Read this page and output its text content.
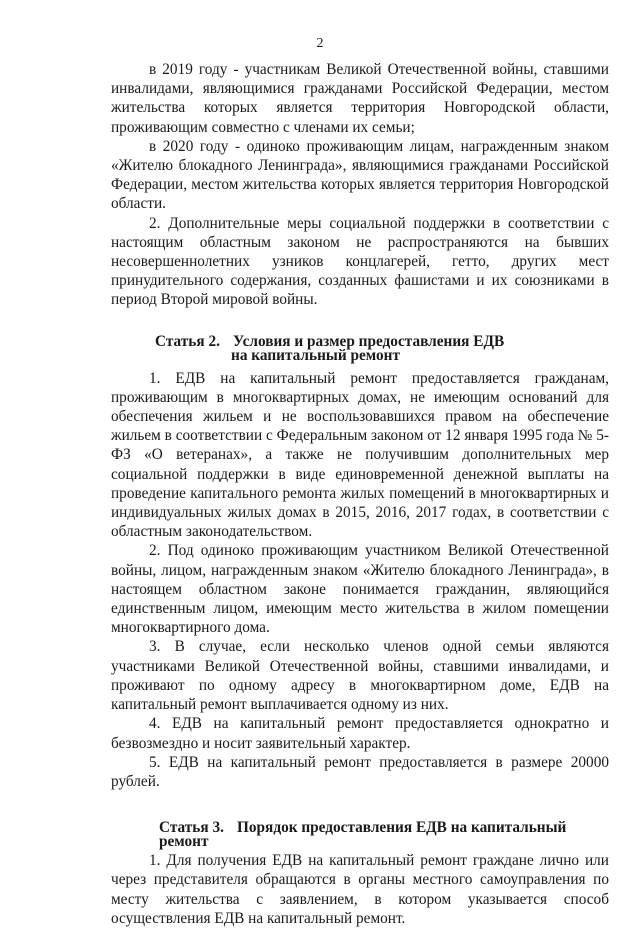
2

в 2019 году - участникам Великой Отечественной войны, ставшими инвалидами, являющимися гражданами Российской Федерации, местом жительства которых является территория Новгородской области, проживающим совместно с членами их семьи;

в 2020 году - одиноко проживающим лицам, награжденным знаком «Жителю блокадного Ленинграда», являющимися гражданами Российской Федерации, местом жительства которых является территория Новгородской области.

2. Дополнительные меры социальной поддержки в соответствии с настоящим областным законом не распространяются на бывших несовершеннолетних узников концлагерей, гетто, других мест принудительного содержания, созданных фашистами и их союзниками в период Второй мировой войны.

Статья 2. Условия и размер предоставления ЕДВ
на капитальный ремонт

1. ЕДВ на капитальный ремонт предоставляется гражданам, проживающим в многоквартирных домах, не имеющим оснований для обеспечения жильем и не воспользовавшихся правом на обеспечение жильем в соответствии с Федеральным законом от 12 января 1995 года № 5-ФЗ «О ветеранах», а также не получившим дополнительных мер социальной поддержки в виде единовременной денежной выплаты на проведение капитального ремонта жилых помещений в многоквартирных и индивидуальных жилых домах в 2015, 2016, 2017 годах, в соответствии с областным законодательством.

2. Под одиноко проживающим участником Великой Отечественной войны, лицом, награжденным знаком «Жителю блокадного Ленинграда», в настоящем областном законе понимается гражданин, являющийся единственным лицом, имеющим место жительства в жилом помещении многоквартирного дома.

3. В случае, если несколько членов одной семьи являются участниками Великой Отечественной войны, ставшими инвалидами, и проживают по одному адресу в многоквартирном доме, ЕДВ на капитальный ремонт выплачивается одному из них.

4. ЕДВ на капитальный ремонт предоставляется однократно и безвозмездно и носит заявительный характер.

5. ЕДВ на капитальный ремонт предоставляется в размере 20000 рублей.

Статья 3. Порядок предоставления ЕДВ на капитальный ремонт

1. Для получения ЕДВ на капитальный ремонт граждане лично или через представителя обращаются в органы местного самоуправления по месту жительства с заявлением, в котором указывается способ осуществления ЕДВ на капитальный ремонт.
